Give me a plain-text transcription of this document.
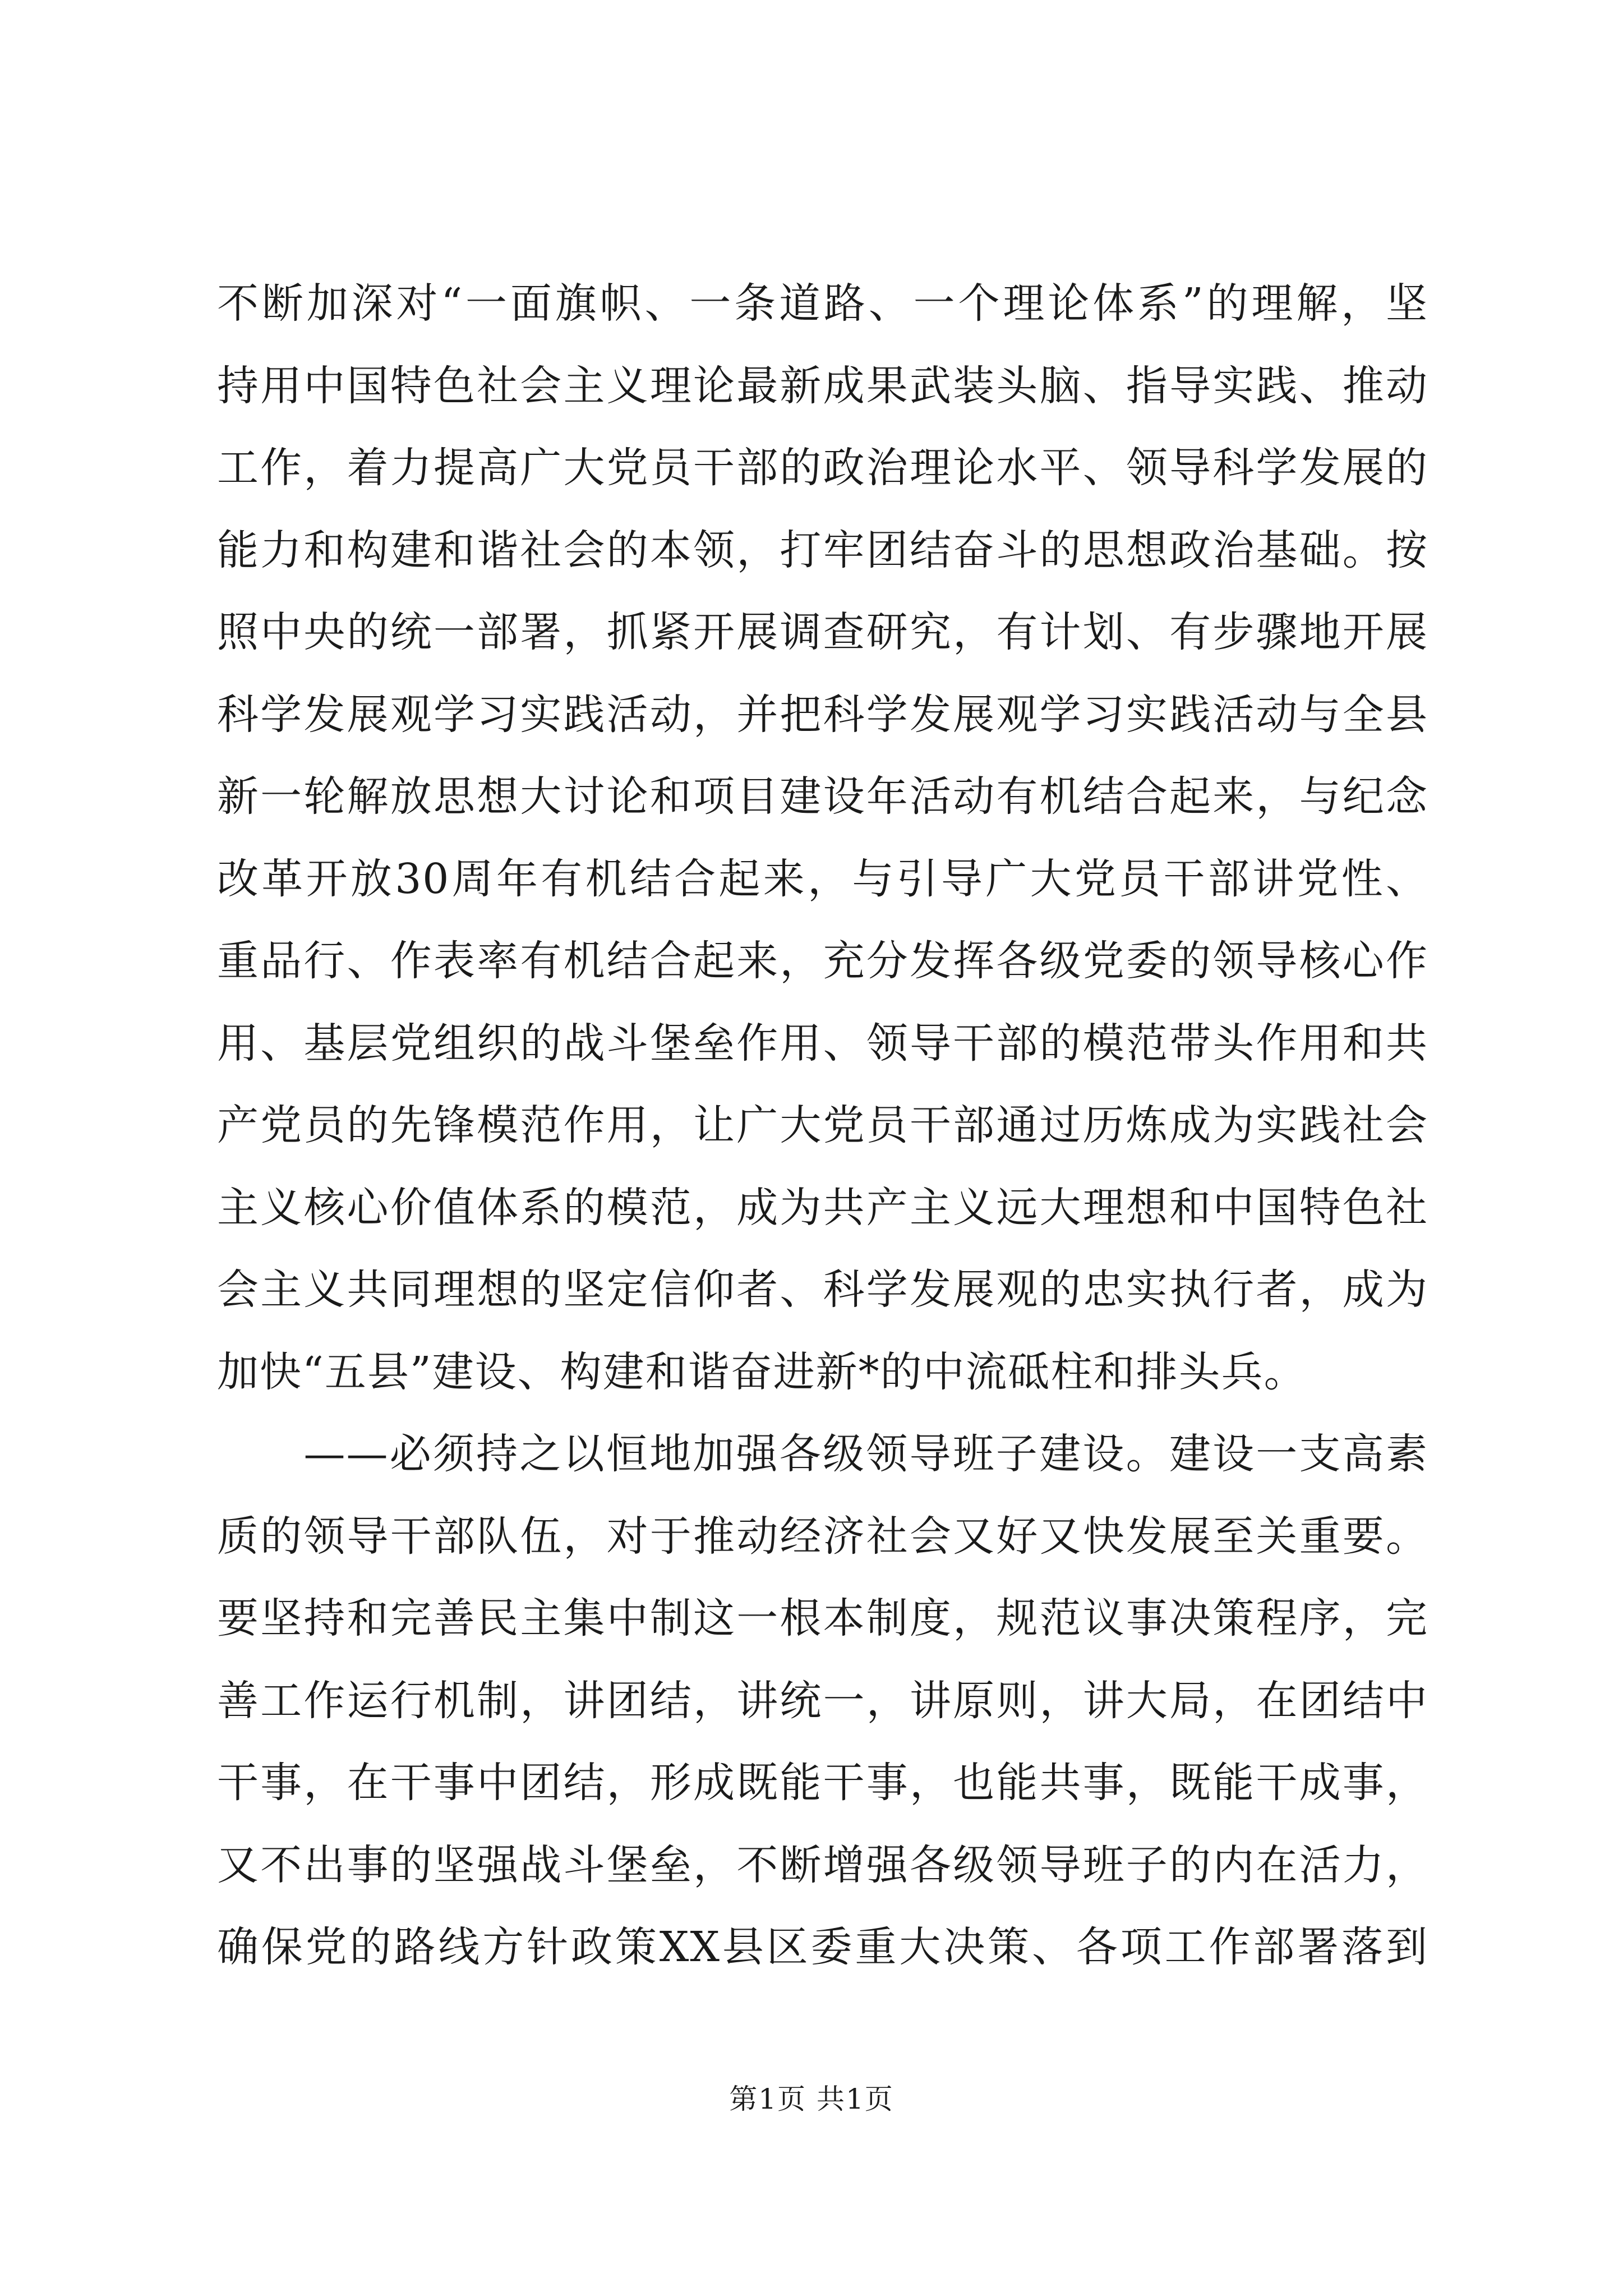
不断加深对“一面旗帜、一条道路、一个理论体系”的理解，坚
持用中国特色社会主义理论最新成果武装头脑、指导实践、推动
工作，着力提高广大党员干部的政治理论水平、领导科学发展的
能力和构建和谐社会的本领，打牢团结奋斗的思想政治基础。按
照中央的统一部署，抓紧开展调查研究，有计划、有步骤地开展
科学发展观学习实践活动，并把科学发展观学习实践活动与全县
新一轮解放思想大讨论和项目建设年活动有机结合起来，与纪念
改革开放30周年有机结合起来，与引导广大党员干部讲党性、
重品行、作表率有机结合起来，充分发挥各级党委的领导核心作
用、基层党组织的战斗堡垒作用、领导干部的模范带头作用和共
产党员的先锋模范作用，让广大党员干部通过历炼成为实践社会
主义核心价值体系的模范，成为共产主义远大理想和中国特色社
会主义共同理想的坚定信仰者、科学发展观的忠实执行者，成为
加快“五县”建设、构建和谐奋进新*的中流砥柱和排头兵。
　　——必须持之以恒地加强各级领导班子建设。建设一支高素
质的领导干部队伍，对于推动经济社会又好又快发展至关重要。
要坚持和完善民主集中制这一根本制度，规范议事决策程序，完
善工作运行机制，讲团结，讲统一，讲原则，讲大局，在团结中
干事，在干事中团结，形成既能干事，也能共事，既能干成事，
又不出事的坚强战斗堡垒，不断增强各级领导班子的内在活力，
确保党的路线方针政策XX县区委重大决策、各项工作部署落到
第1页 共1页
